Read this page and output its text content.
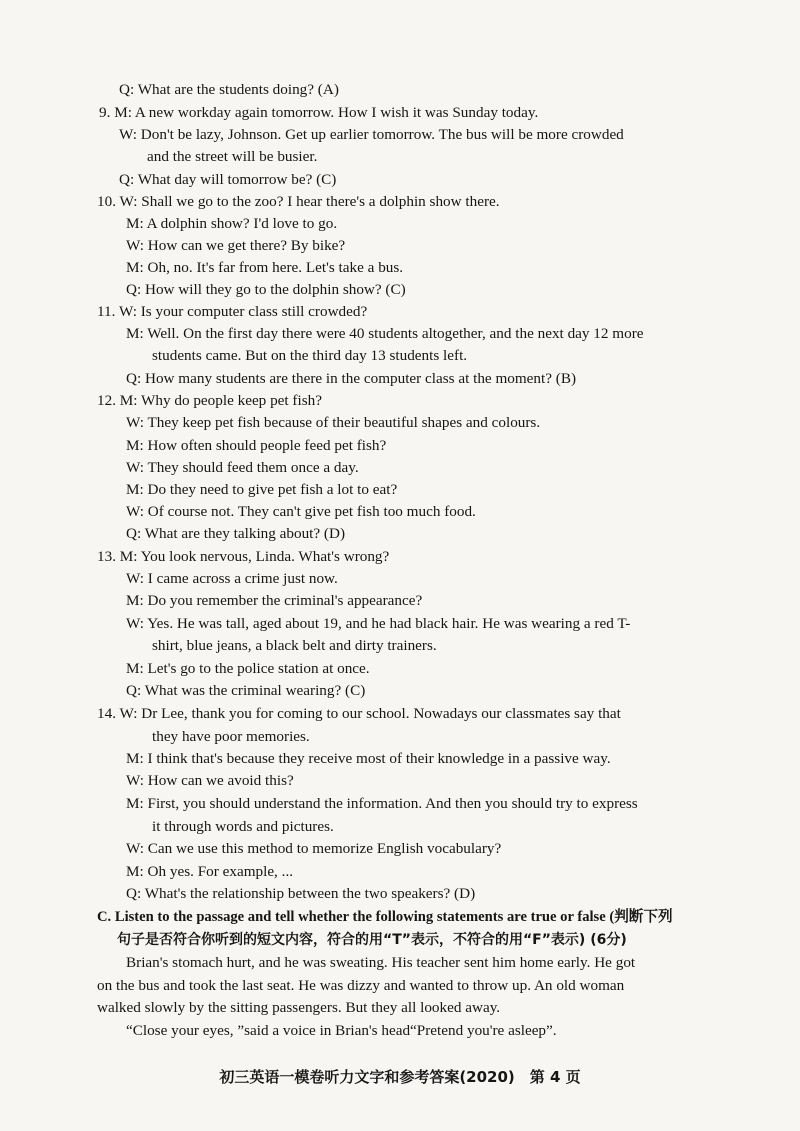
Q: What are the students doing? (A)
9. M: A new workday again tomorrow. How I wish it was Sunday today.
W: Don't be lazy, Johnson. Get up earlier tomorrow. The bus will be more crowded
and the street will be busier.
Q: What day will tomorrow be? (C)
10. W: Shall we go to the zoo? I hear there's a dolphin show there.
M: A dolphin show? I'd love to go.
W: How can we get there? By bike?
M: Oh, no. It's far from here. Let's take a bus.
Q: How will they go to the dolphin show? (C)
11. W: Is your computer class still crowded?
M: Well. On the first day there were 40 students altogether, and the next day 12 more
students came. But on the third day 13 students left.
Q: How many students are there in the computer class at the moment? (B)
12. M: Why do people keep pet fish?
W: They keep pet fish because of their beautiful shapes and colours.
M: How often should people feed pet fish?
W: They should feed them once a day.
M: Do they need to give pet fish a lot to eat?
W: Of course not. They can't give pet fish too much food.
Q: What are they talking about? (D)
13. M: You look nervous, Linda. What's wrong?
W: I came across a crime just now.
M: Do you remember the criminal's appearance?
W: Yes. He was tall, aged about 19, and he had black hair. He was wearing a red T-
shirt, blue jeans, a black belt and dirty trainers.
M: Let's go to the police station at once.
Q: What was the criminal wearing? (C)
14. W: Dr Lee, thank you for coming to our school. Nowadays our classmates say that
they have poor memories.
M: I think that's because they receive most of their knowledge in a passive way.
W: How can we avoid this?
M: First, you should understand the information. And then you should try to express
it through words and pictures.
W: Can we use this method to memorize English vocabulary?
M: Oh yes. For example, ...
Q: What's the relationship between the two speakers? (D)
C. Listen to the passage and tell whether the following statements are true or false (判断下列
句子是否符合你听到的短文内容，符合的用“T”表示，不符合的用“F”表示) (6分)
Brian's stomach hurt, and he was sweating. His teacher sent him home early. He got
on the bus and took the last seat. He was dizzy and wanted to throw up. An old woman
walked slowly by the sitting passengers. But they all looked away.
“Close your eyes, ”said a voice in Brian's head“Pretend you're asleep”.
初三英语一模卷听力文字和参考答案(2020)　第 4 页
